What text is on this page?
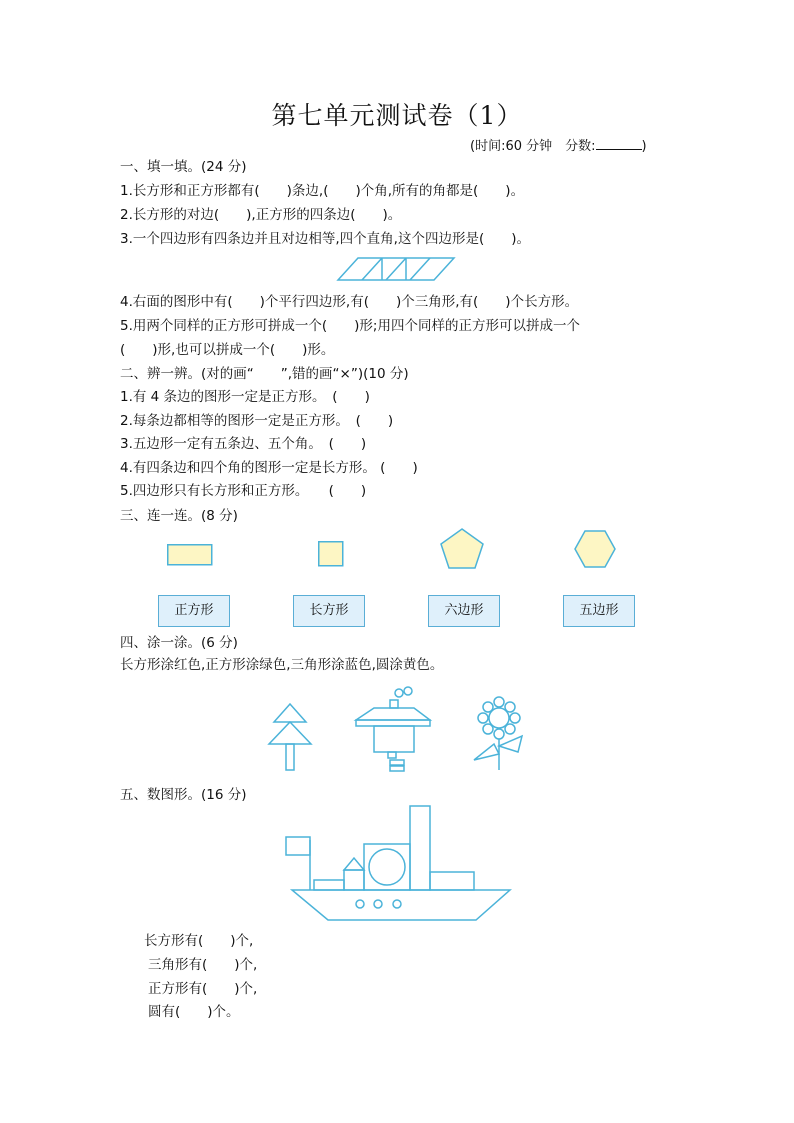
第七单元测试卷（1）
(时间:60 分钟　分数:	)
一、填一填。(24 分)
1.长方形和正方形都有(　　)条边,(　　)个角,所有的角都是(　　)。
2.长方形的对边(　　),正方形的四条边(　　)。
3.一个四边形有四条边并且对边相等,四个直角,这个四边形是(　　)。
4.右面的图形中有(　　)个平行四边形,有(　　)个三角形,有(　　)个长方形。
5.用两个同样的正方形可拼成一个(　　)形;用四个同样的正方形可以拼成一个
(　　)形,也可以拼成一个(　　)形。
二、辨一辨。(对的画“　　”,错的画“×”)(10 分)
1.有 4 条边的图形一定是正方形。　(　　)
2.每条边都相等的图形一定是正方形。　(　　)
3.五边形一定有五条边、五个角。　(　　)
4.有四条边和四个角的图形一定是长方形。 (　　)
5.四边形只有长方形和正方形。　　(　　)
三、连一连。(8 分)
正方形	长方形	六边形	五边形
四、涂一涂。(6 分)
长方形涂红色,正方形涂绿色,三角形涂蓝色,圆涂黄色。
五、数图形。(16 分)
长方形有(　　)个,
三角形有(　　)个,
正方形有(　　)个,
圆有(　　)个。
